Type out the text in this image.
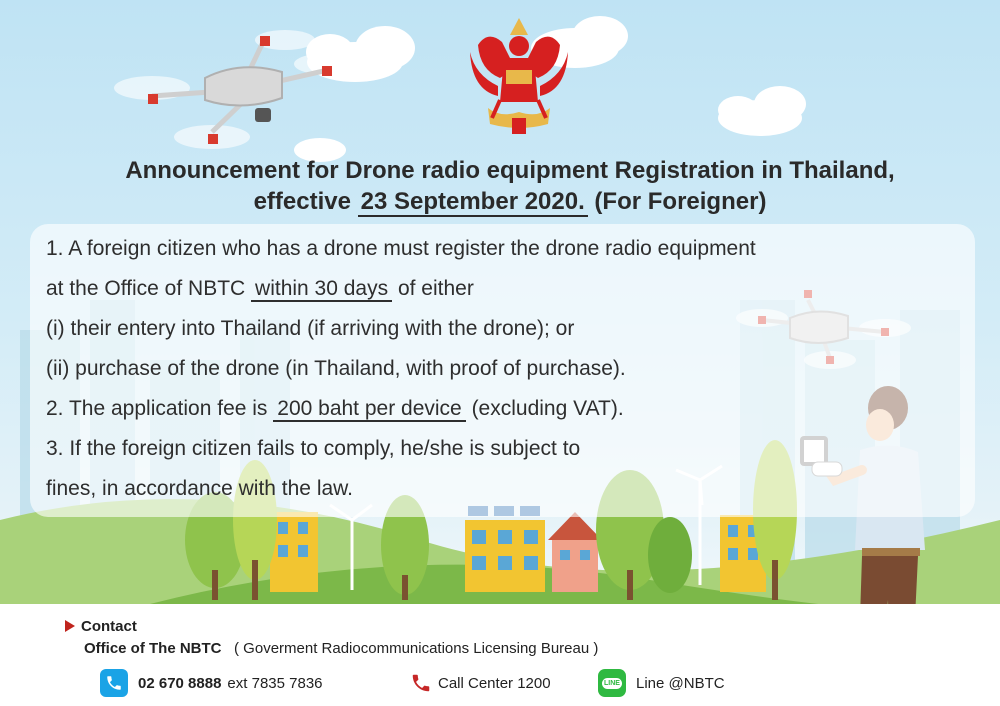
Announcement for Drone radio equipment Registration in Thailand,
effective 23 September 2020. (For Foreigner)
1. A foreign citizen who has a drone must register the drone radio equipment
at the Office of NBTC within 30 days of either
(i) their entery into Thailand (if arriving with the drone); or
(ii) purchase of the drone (in Thailand, with proof of purchase).
2. The application fee is 200 baht per device (excluding VAT).
3. If the foreign citizen fails to comply, he/she is subject to
fines, in accordance with the law.
Contact
Office of The NBTC ( Goverment Radiocommunications Licensing Bureau )
02 670 8888 ext 7835 7836	Call Center 1200	LINE Line @NBTC
